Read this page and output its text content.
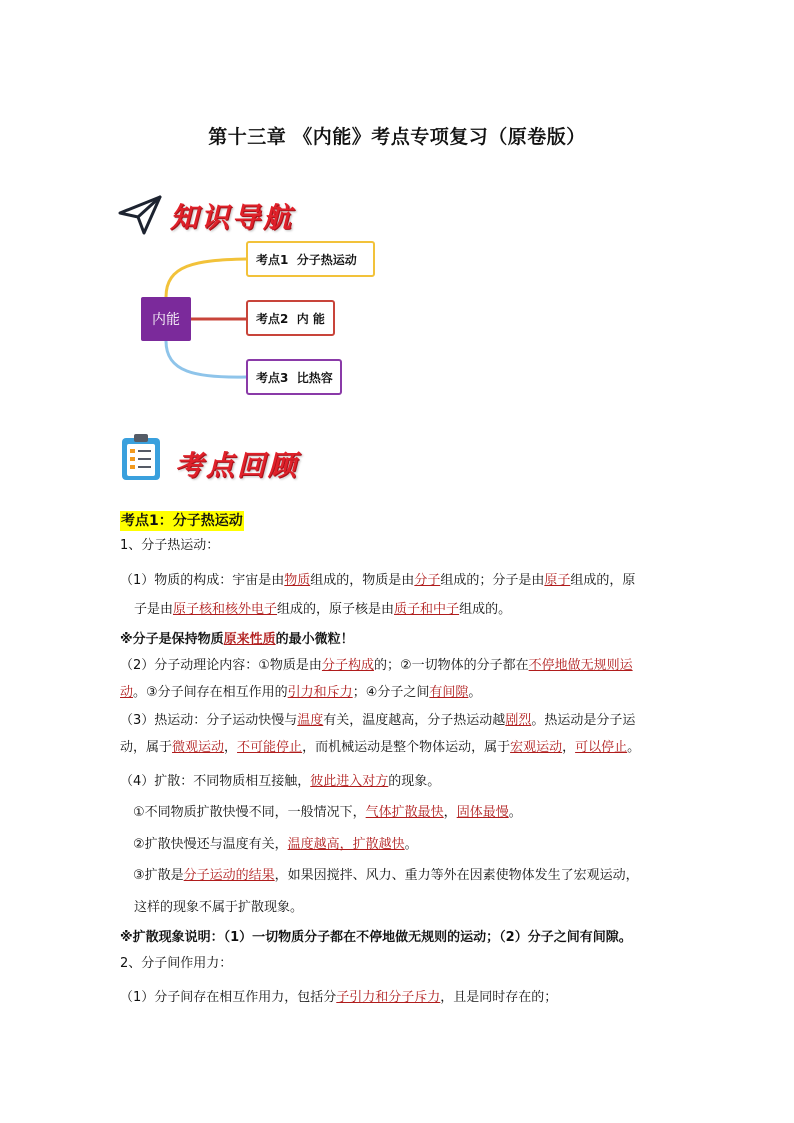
第十三章 《内能》考点专项复习（原卷版）
知识导航
内能
考点1  分子热运动
考点2  内 能
考点3  比热容
考点回顾
考点1：分子热运动
1、分子热运动：
（1）物质的构成：宇宙是由物质组成的，物质是由分子组成的；分子是由原子组成的，原
子是由原子核和核外电子组成的，原子核是由质子和中子组成的。
※分子是保持物质原来性质的最小微粒！
（2）分子动理论内容：①物质是由分子构成的；②一切物体的分子都在不停地做无规则运
动。③分子间存在相互作用的引力和斥力；④分子之间有间隙。
（3）热运动：分子运动快慢与温度有关，温度越高，分子热运动越剧烈。热运动是分子运
动，属于微观运动，不可能停止，而机械运动是整个物体运动，属于宏观运动，可以停止。
（4）扩散：不同物质相互接触，彼此进入对方的现象。
①不同物质扩散快慢不同，一般情况下，气体扩散最快，固体最慢。
②扩散快慢还与温度有关，温度越高，扩散越快。
③扩散是分子运动的结果，如果因搅拌、风力、重力等外在因素使物体发生了宏观运动，
这样的现象不属于扩散现象。
※扩散现象说明：（1）一切物质分子都在不停地做无规则的运动；（2）分子之间有间隙。
2、分子间作用力：
（1）分子间存在相互作用力，包括分子引力和分子斥力，且是同时存在的；
